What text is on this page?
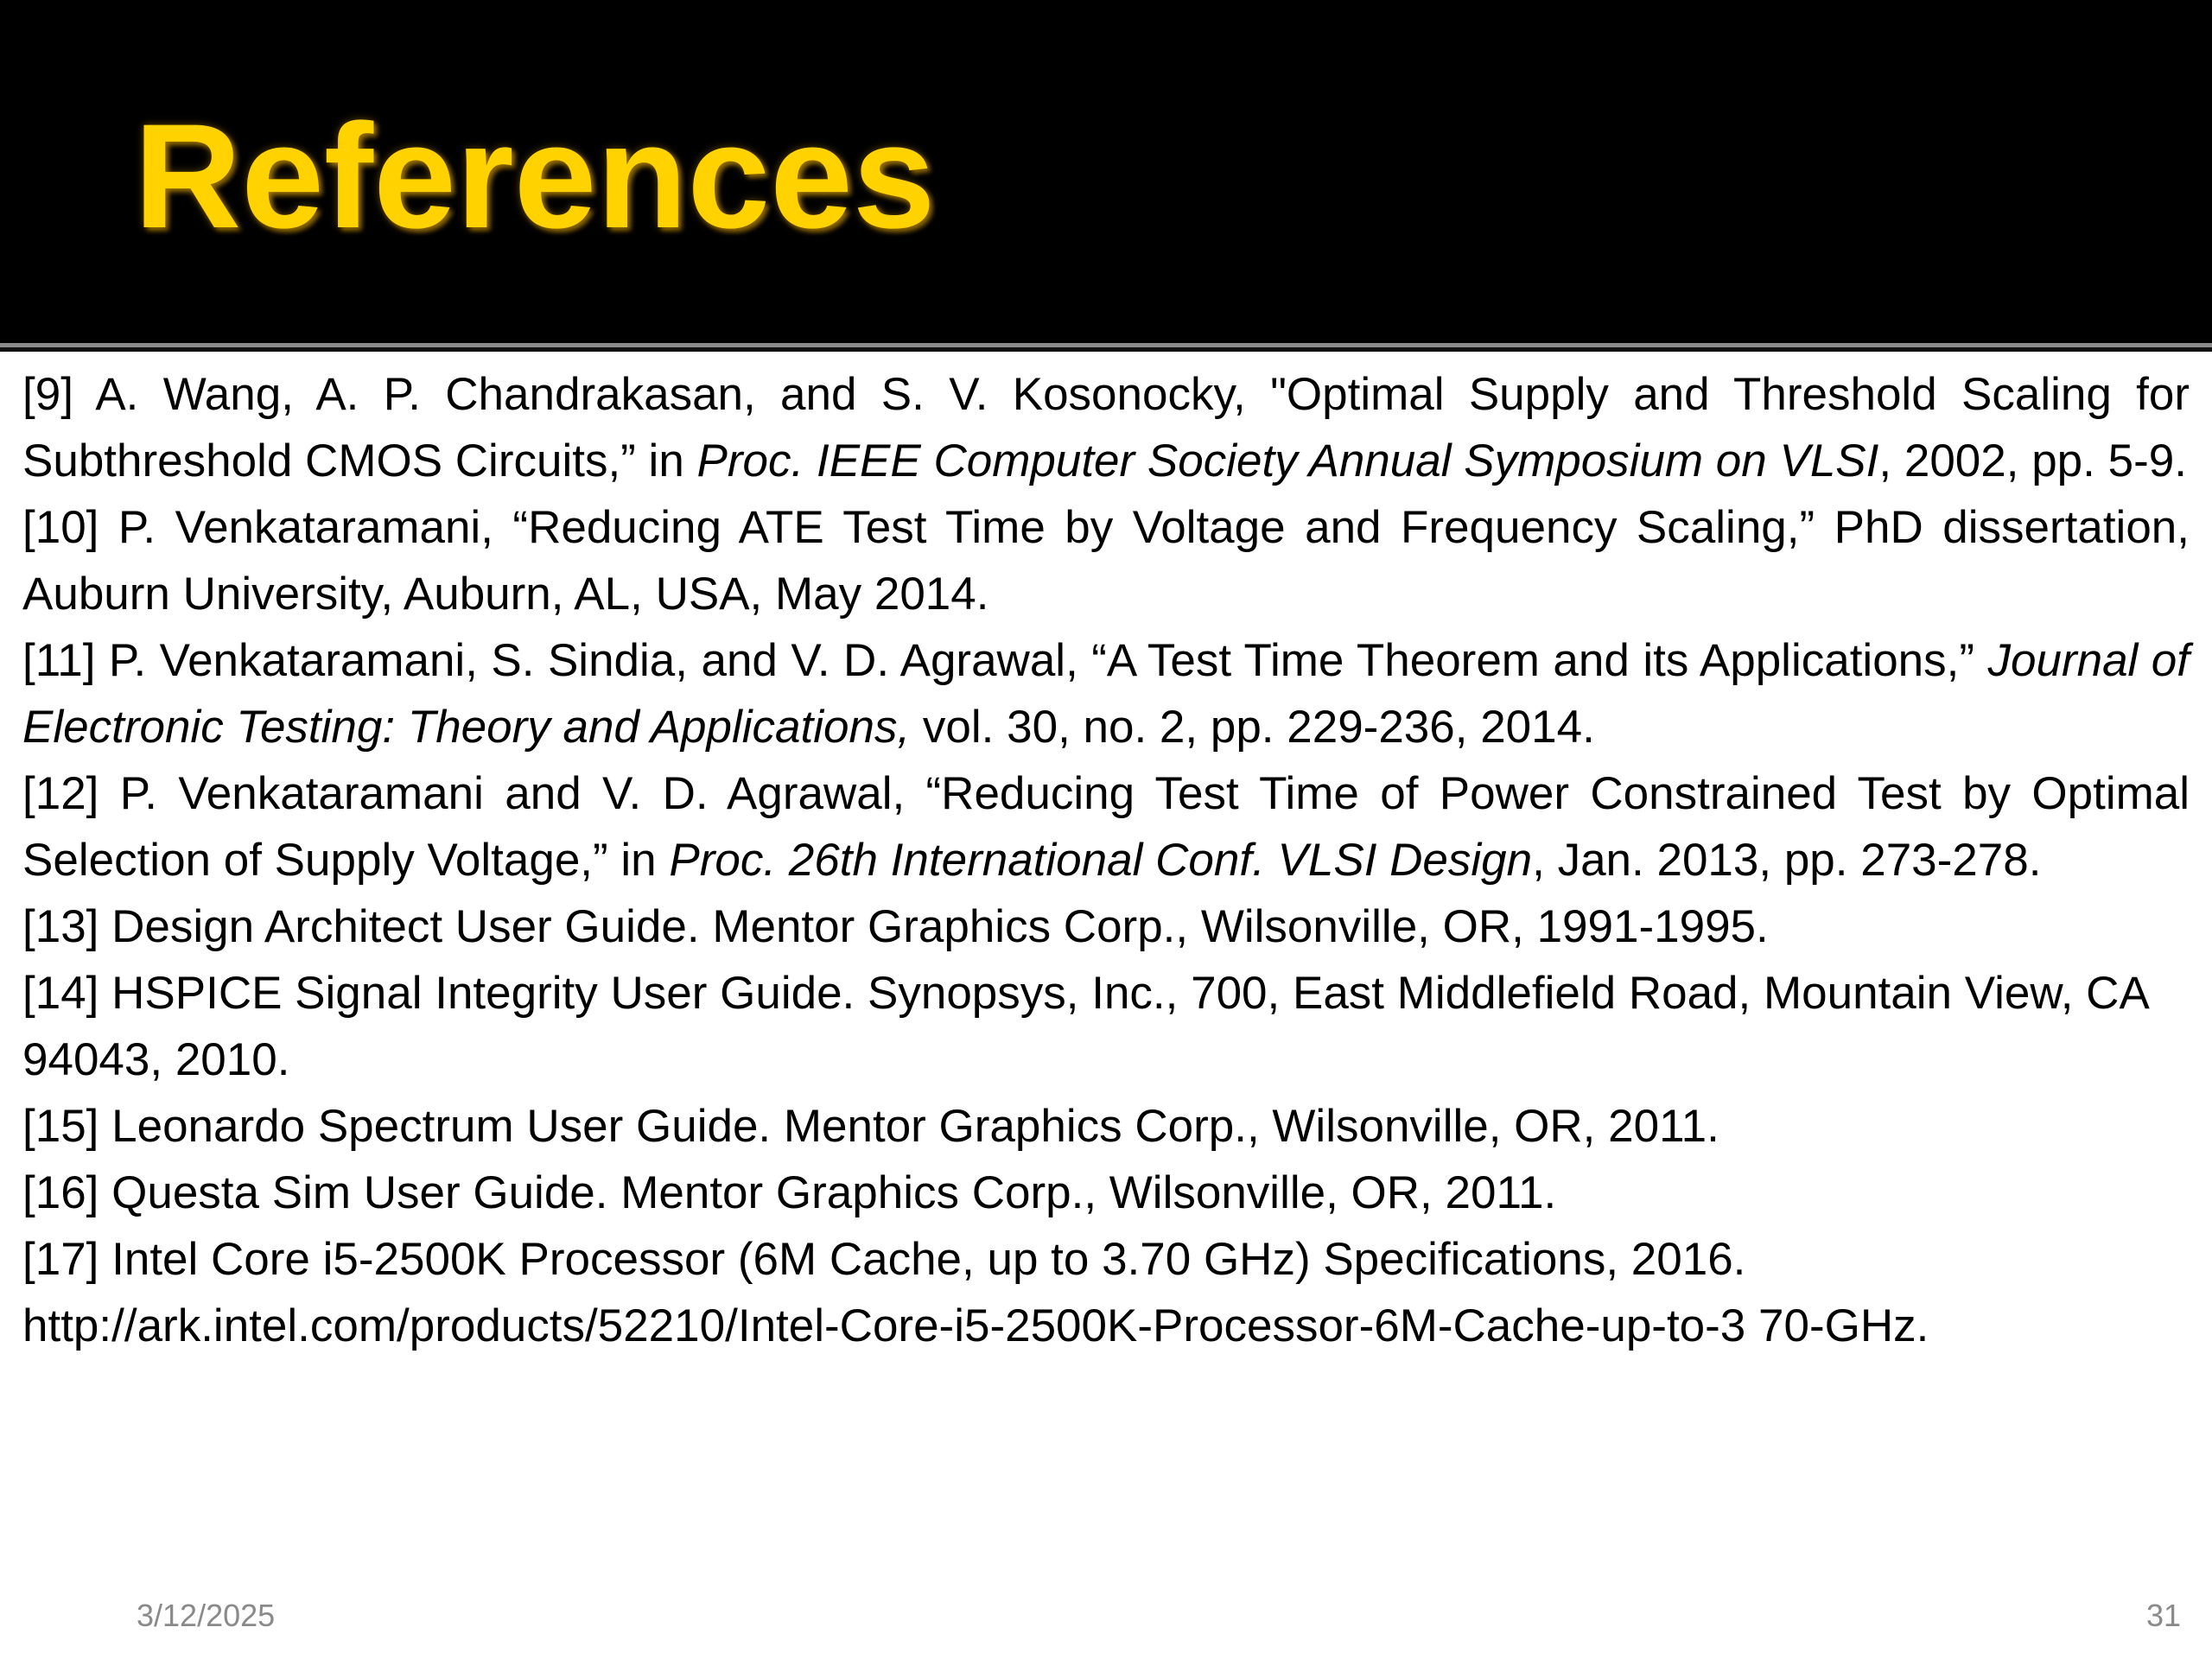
References

[9] A. Wang, A. P. Chandrakasan, and S. V. Kosonocky, "Optimal Supply and Threshold Scaling for Subthreshold CMOS Circuits,” in Proc. IEEE Computer Society Annual Symposium on VLSI, 2002, pp. 5-9.

[10] P. Venkataramani, “Reducing ATE Test Time by Voltage and Frequency Scaling,” PhD dissertation, Auburn University, Auburn, AL, USA, May 2014.

[11] P. Venkataramani, S. Sindia, and V. D. Agrawal, “A Test Time Theorem and its Applications,” Journal of Electronic Testing: Theory and Applications, vol. 30, no. 2, pp. 229-236, 2014.

[12] P. Venkataramani and V. D. Agrawal, “Reducing Test Time of Power Constrained Test by Optimal Selection of Supply Voltage,” in Proc. 26th International Conf. VLSI Design, Jan. 2013, pp. 273-278.

[13] Design Architect User Guide. Mentor Graphics Corp., Wilsonville, OR, 1991-1995.

[14] HSPICE Signal Integrity User Guide. Synopsys, Inc., 700, East Middlefield Road, Mountain View, CA 94043, 2010.

[15] Leonardo Spectrum User Guide. Mentor Graphics Corp., Wilsonville, OR, 2011.

[16] Questa Sim User Guide. Mentor Graphics Corp., Wilsonville, OR, 2011.

[17] Intel Core i5-2500K Processor (6M Cache, up to 3.70 GHz) Specifications, 2016.

http://ark.intel.com/products/52210/Intel-Core-i5-2500K-Processor-6M-Cache-up-to-3 70-GHz.

3/12/2025	31
